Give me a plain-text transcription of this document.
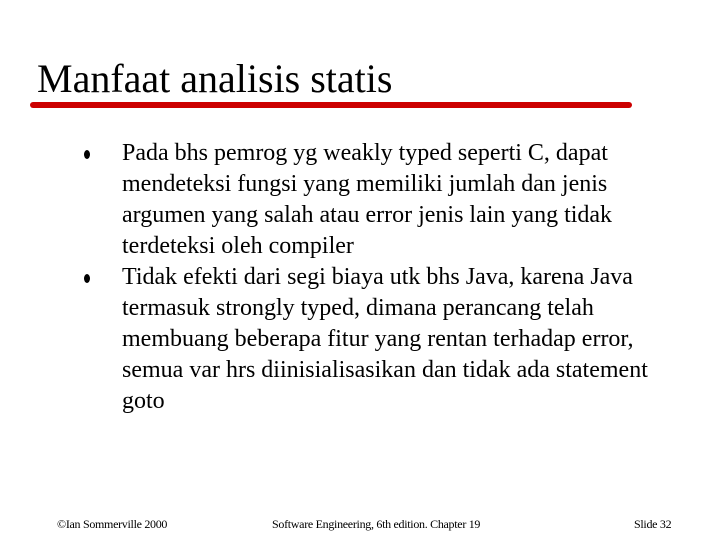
Manfaat analisis statis
Pada bhs pemrog yg weakly typed seperti C, dapat mendeteksi fungsi yang memiliki jumlah dan jenis argumen yang salah atau error jenis lain yang tidak terdeteksi oleh compiler
Tidak efekti dari segi biaya utk bhs Java, karena Java termasuk strongly typed, dimana perancang telah membuang beberapa fitur yang rentan terhadap error, semua var hrs diinisialisasikan dan tidak ada statement goto
©Ian Sommerville 2000	Software Engineering, 6th edition. Chapter 19	Slide 32
